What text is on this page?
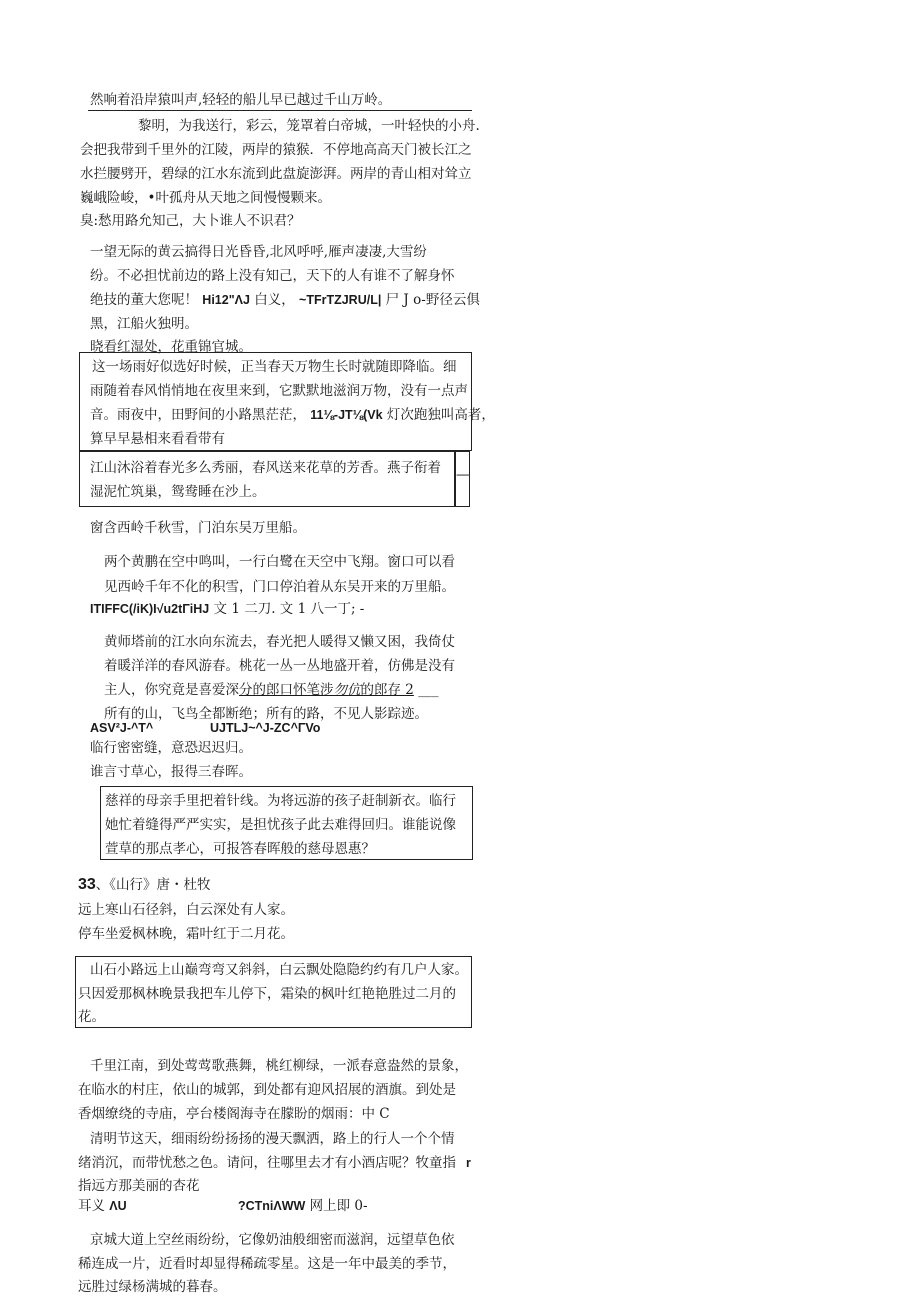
然响着沿岸猿叫声,轻轻的船儿早已越过千山万岭。
黎明，为我送行，彩云，笼罩着白帝城，一叶轻快的小舟.
会把我带到千里外的江陵，两岸的猿猴．不停地高高天门被长江之
水拦腰劈开，碧绿的江水东流到此盘旋澎湃。两岸的青山相对耸立
巍峨险峻，•叶孤舟从天地之间慢慢颗来。
臭:愁用路允知己，大卜谁人不识君？
一望无际的黄云搞得日光昏昏,北风呼呼,雁声凄凄,大雪纷
纷。不必担忧前边的路上没有知己，天下的人有谁不了解身怀
绝技的董大您呢！ Hi12"ΛJ 白义， ~TFrTZJRU/L| 尸 J o-野径云俱
黑，江船火独明。
晓看红湿处，花重锦官城。
这一场雨好似选好时候，正当春天万物生长时就随即降临。细
雨随着春风悄悄地在夜里来到，它默默地滋润万物，没有一点声
音。雨夜中，田野间的小路黑茫茫， 11⅛-JT⅛(Vk 灯次跑独叫高者，
算早早悬相来看看带有
江山沐浴着春光多么秀丽，春风送来花草的芳香。燕子衔着
湿泥忙筑巢，鸳鸯睡在沙上。
—
窗含西岭千秋雪，门泊东吴万里船。
两个黄鹏在空中鸣叫，一行白鹭在天空中飞翔。窗口可以看
见西岭千年不化的积雪，门口停泊着从东吴开来的万里船。
ITIFFC(/iK)I√u2tΓiHJ 文 1 二刀. 文 1 八一丁; -
黄师塔前的江水向东流去，春光把人暖得又懒又困，我倚仗
着暖洋洋的春风游春。桃花一丛一丛地盛开着，仿佛是没有
主人，你究竟是喜爱深分的郎口怀笔涉勿伉的郎存 2 ___
所有的山，飞鸟全都断绝；所有的路，不见人影踪迹。
ASV²J-^T^	UJTLJ~^J-ZC^ΓVo
临行密密缝，意恐迟迟归。
谁言寸草心，报得三春晖。
慈祥的母亲手里把着针线。为将远游的孩子赶制新衣。临行
她忙着缝得严严实实，是担忧孩子此去难得回归。谁能说像
萱草的那点孝心，可报答春晖般的慈母恩惠？
33、《山行》唐・杜牧
远上寒山石径斜，白云深处有人家。
停车坐爱枫林晚，霜叶红于二月花。
山石小路远上山巅弯弯又斜斜，白云飘处隐隐约约有几户人家。
只因爱那枫林晚景我把车儿停下，霜染的枫叶红艳艳胜过二月的
花。
千里江南，到处莺莺歌燕舞，桃红柳绿，一派春意盎然的景象，
在临水的村庄，依山的城郭，到处都有迎风招展的酒旗。到处是
香烟缭绕的寺庙，亭台楼阁海寺在朦盼的烟雨：中 C
清明节这天，细雨纷纷扬扬的漫天飘洒，路上的行人一个个情
绪消沉，而带忧愁之色。请问，往哪里去才有小酒店呢？牧童指 r
指远方那美丽的杏花
耳义 ΛU	?CTniΛWW 网上即 0-
京城大道上空丝雨纷纷，它像奶油般细密而滋润，远望草色依
稀连成一片，近看时却显得稀疏零星。这是一年中最美的季节，
远胜过绿杨满城的暮春。
